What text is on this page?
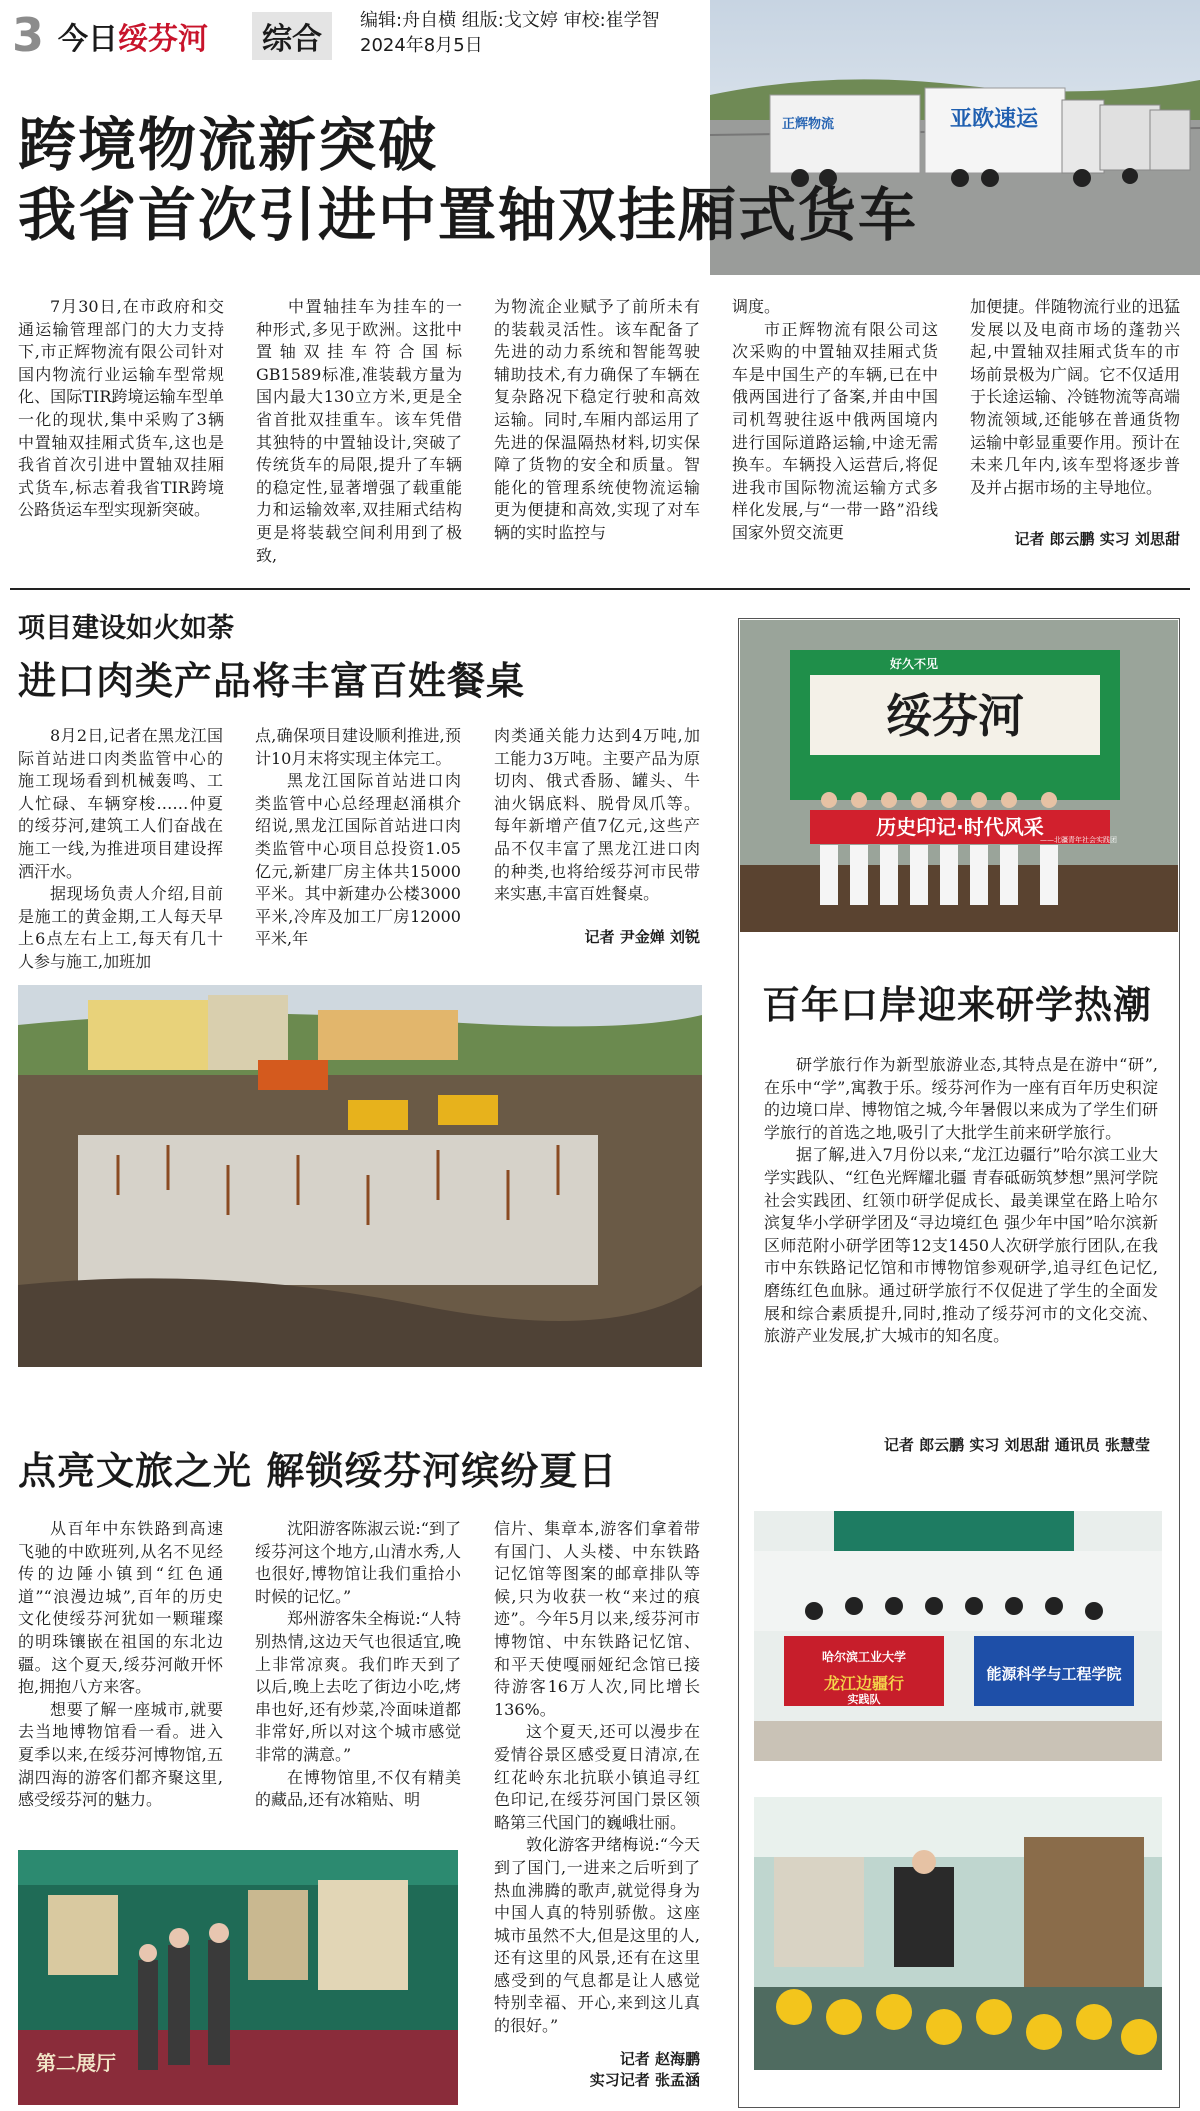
3 今日绥芬河	综合
编辑:舟自横 组版:戈文婷 审校:崔学智
2024年8月5日
亚欧速运
正辉物流
跨境物流新突破
我省首次引进中置轴双挂厢式货车

7月30日,在市政府和交通运输管理部门的大力支持下,市正辉物流有限公司针对国内物流行业运输车型常规化、国际TIR跨境运输车型单一化的现状,集中采购了3辆中置轴双挂厢式货车,这也是我省首次引进中置轴双挂厢式货车,标志着我省TIR跨境公路货运车型实现新突破。

中置轴挂车为挂车的一种形式,多见于欧洲。这批中置轴双挂车符合国标GB1589标准,准装载方量为国内最大130立方米,更是全省首批双挂重车。该车凭借其独特的中置轴设计,突破了传统货车的局限,提升了车辆的稳定性,显著增强了载重能力和运输效率,双挂厢式结构更是将装载空间利用到了极致,

为物流企业赋予了前所未有的装载灵活性。该车配备了先进的动力系统和智能驾驶辅助技术,有力确保了车辆在复杂路况下稳定行驶和高效运输。同时,车厢内部运用了先进的保温隔热材料,切实保障了货物的安全和质量。智能化的管理系统使物流运输更为便捷和高效,实现了对车辆的实时监控与

调度。

市正辉物流有限公司这次采购的中置轴双挂厢式货车是中国生产的车辆,已在中俄两国进行了备案,并由中国司机驾驶往返中俄两国境内进行国际道路运输,中途无需换车。车辆投入运营后,将促进我市国际物流运输方式多样化发展,与“一带一路”沿线国家外贸交流更

加便捷。伴随物流行业的迅猛发展以及电商市场的蓬勃兴起,中置轴双挂厢式货车的市场前景极为广阔。它不仅适用于长途运输、冷链物流等高端物流领域,还能够在普通货物运输中彰显重要作用。预计在未来几年内,该车型将逐步普及并占据市场的主导地位。

记者 郎云鹏 实习 刘思甜
项目建设如火如荼
进口肉类产品将丰富百姓餐桌

8月2日,记者在黑龙江国际首站进口肉类监管中心的施工现场看到机械轰鸣、工人忙碌、车辆穿梭……仲夏的绥芬河,建筑工人们奋战在施工一线,为推进项目建设挥洒汗水。

据现场负责人介绍,目前是施工的黄金期,工人每天早上6点左右上工,每天有几十人参与施工,加班加

点,确保项目建设顺利推进,预计10月末将实现主体完工。

黑龙江国际首站进口肉类监管中心总经理赵涌棋介绍说,黑龙江国际首站进口肉类监管中心项目总投资1.05亿元,新建厂房主体共15000平米。其中新建办公楼3000平米,冷库及加工厂房12000平米,年

肉类通关能力达到4万吨,加工能力3万吨。主要产品为原切肉、俄式香肠、罐头、牛油火锅底料、脱骨凤爪等。每年新增产值7亿元,这些产品不仅丰富了黑龙江进口肉的种类,也将给绥芬河市民带来实惠,丰富百姓餐桌。

记者 尹金婵 刘锐
点亮文旅之光 解锁绥芬河缤纷夏日

从百年中东铁路到高速飞驰的中欧班列,从名不见经传的边陲小镇到“红色通道”“浪漫边城”,百年的历史文化使绥芬河犹如一颗璀璨的明珠镶嵌在祖国的东北边疆。这个夏天,绥芬河敞开怀抱,拥抱八方来客。

想要了解一座城市,就要去当地博物馆看一看。进入夏季以来,在绥芬河博物馆,五湖四海的游客们都齐聚这里,感受绥芬河的魅力。

沈阳游客陈淑云说:“到了绥芬河这个地方,山清水秀,人也很好,博物馆让我们重拾小时候的记忆。”

郑州游客朱全梅说:“人特别热情,这边天气也很适宜,晚上非常凉爽。我们昨天到了以后,晚上去吃了街边小吃,烤串也好,还有炒菜,冷面味道都非常好,所以对这个城市感觉非常的满意。”

在博物馆里,不仅有精美的藏品,还有冰箱贴、明

信片、集章本,游客们拿着带有国门、人头楼、中东铁路记忆馆等图案的邮章排队等候,只为收获一枚“来过的痕迹”。今年5月以来,绥芬河市博物馆、中东铁路记忆馆、和平天使嘎丽娅纪念馆已接待游客16万人次,同比增长136%。

这个夏天,还可以漫步在爱情谷景区感受夏日清凉,在红花岭东北抗联小镇追寻红色印记,在绥芬河国门景区领略第三代国门的巍峨壮丽。

敦化游客尹绪梅说:“今天到了国门,一进来之后听到了热血沸腾的歌声,就觉得身为中国人真的特别骄傲。这座城市虽然不大,但是这里的人,还有这里的风景,还有在这里感受到的气息都是让人感觉特别幸福、开心,来到这儿真的很好。”

记者 赵海鹏
实习记者 张孟涵
第二展厅
绥芬河
好久不见
历史印记·时代风采
——北疆青年社会实践团
百年口岸迎来研学热潮

研学旅行作为新型旅游业态,其特点是在游中“研”,在乐中“学”,寓教于乐。绥芬河作为一座有百年历史积淀的边境口岸、博物馆之城,今年暑假以来成为了学生们研学旅行的首选之地,吸引了大批学生前来研学旅行。

据了解,进入7月份以来,“龙江边疆行”哈尔滨工业大学实践队、“红色光辉耀北疆 青春砥砺筑梦想”黑河学院社会实践团、红领巾研学促成长、最美课堂在路上哈尔滨复华小学研学团及“寻边境红色 强少年中国”哈尔滨新区师范附小研学团等12支1450人次研学旅行团队,在我市中东铁路记忆馆和市博物馆参观研学,追寻红色记忆,磨练红色血脉。通过研学旅行不仅促进了学生的全面发展和综合素质提升,同时,推动了绥芬河市的文化交流、旅游产业发展,扩大城市的知名度。

记者 郎云鹏 实习 刘思甜 通讯员 张慧莹
哈尔滨工业大学
龙江边疆行
实践队
能源科学与工程学院
